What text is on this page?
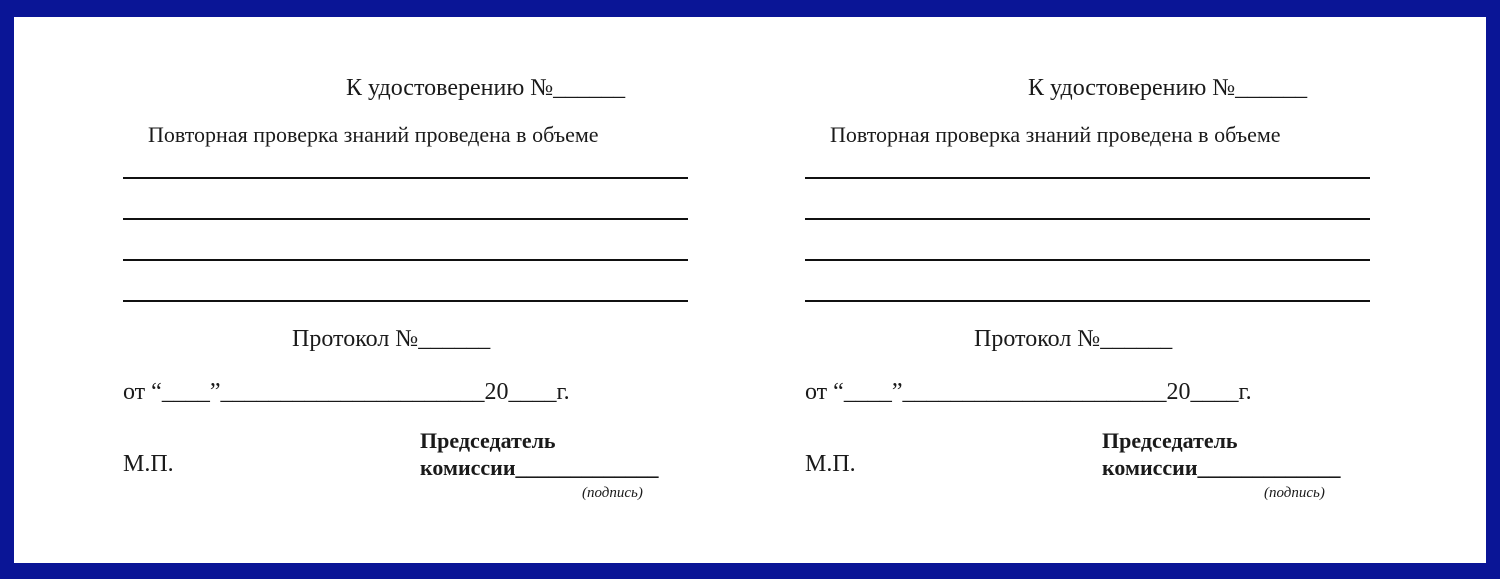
К удостоверению №______
Повторная проверка знаний проведена в объеме
Протокол №______
от “____”______________________20____г.
М.П.
Председатель
комиссии_____________
(подпись)
К удостоверению №______
Повторная проверка знаний проведена в объеме
Протокол №______
от “____”______________________20____г.
М.П.
Председатель
комиссии_____________
(подпись)
